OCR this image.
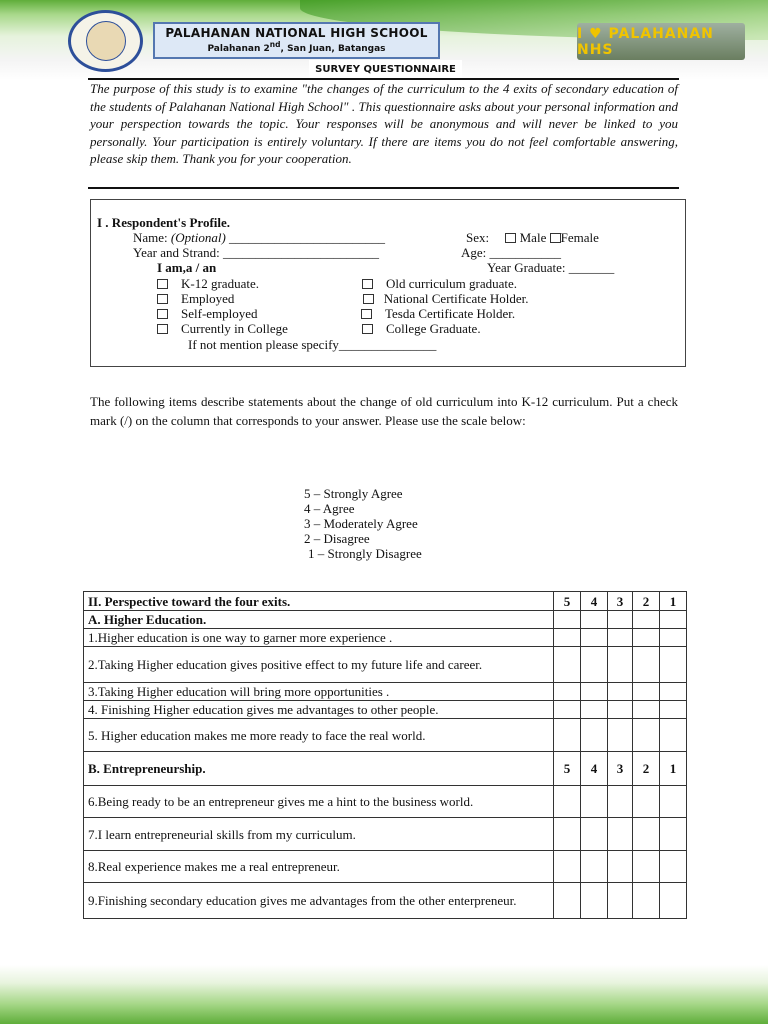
PALAHANAN NATIONAL HIGH SCHOOL
Palahanan 2nd, San Juan, Batangas
I ♥ PALAHANAN NHS
SURVEY QUESTIONNAIRE
The purpose of this study is to examine "the changes of the curriculum to the 4 exits of secondary education of the students of Palahanan National High School" . This questionnaire asks about your personal information and your perspection towards the topic. Your responses will be anonymous and will never be linked to you personally. Your participation is entirely voluntary. If there are items you do not feel comfortable answering, please skip them. Thank you for your cooperation.
I . Respondent's Profile.
Name: (Optional) ________________________	Sex: Male Female
Year and Strand: ________________________	Age: ___________
I am,a / an	Year Graduate: _______
K-12 graduate.
Employed
Self-employed
Currently in College
Old curriculum graduate.
National Certificate Holder.
Tesda Certificate Holder.
College Graduate.
If not mention please specify_______________
The following items describe statements about the change of old curriculum into K-12 curriculum. Put a check mark (/) on the column that corresponds to your answer. Please use the scale below:
5 – Strongly Agree
4 – Agree
3 – Moderately Agree
2 – Disagree
1 – Strongly Disagree
II. Perspective toward the four exits.	5	4	3	2	1
A. Higher Education.					
1.Higher education is one way to garner more experience .					
2.Taking Higher education gives positive effect to my future life and career.					
3.Taking Higher education will bring more opportunities .					
4. Finishing Higher education gives me advantages to other people.					
5. Higher education makes me more ready to face the real world.					
B. Entrepreneurship.	5	4	3	2	1
6.Being ready to be an entrepreneur gives me a hint to the business world.					
7.I learn entrepreneurial skills from my curriculum.					
8.Real experience makes me a real entrepreneur.					
9.Finishing secondary education gives me advantages from the other enterpreneur.					
